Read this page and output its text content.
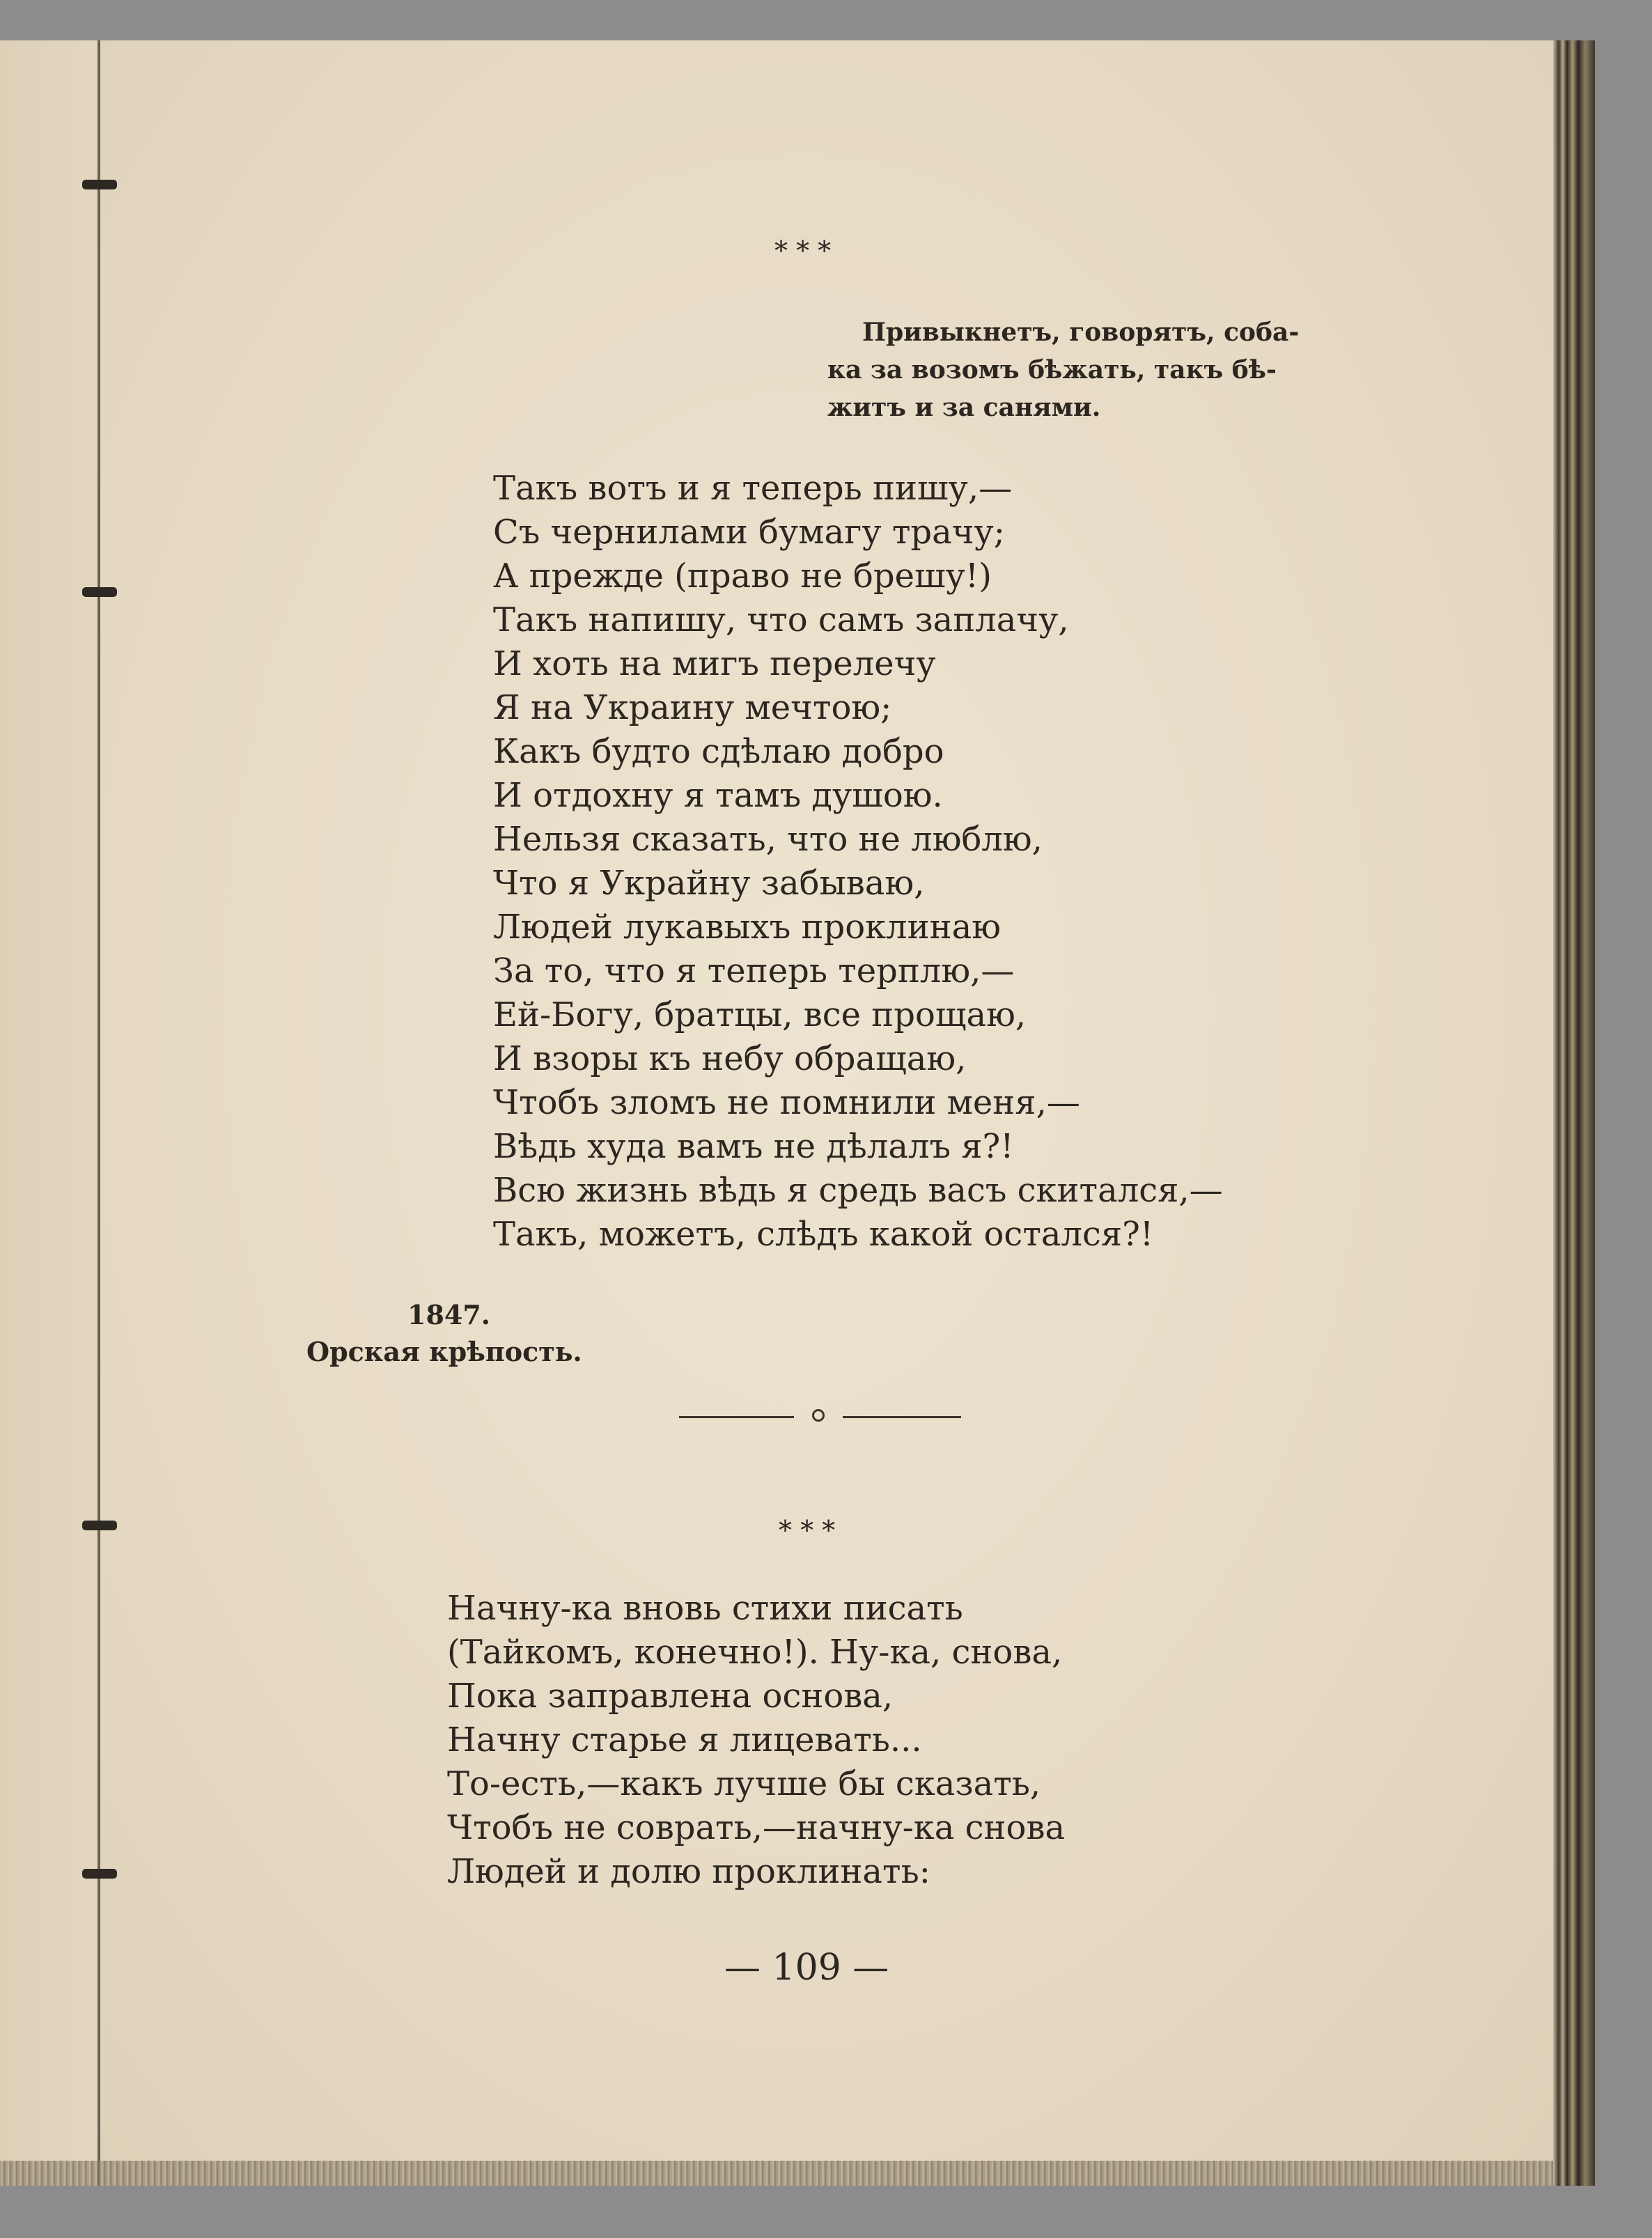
* * *
Привыкнетъ, говорятъ, соба-
ка за возомъ бѣжать, такъ бѣ-
житъ и за санями.
Такъ вотъ и я теперь пишу,—
Съ чернилами бумагу трачу;
А прежде (право не брешу!)
Такъ напишу, что самъ заплачу,
И хоть на мигъ перелечу
Я на Украину мечтою;
Какъ будто сдѣлаю добро
И отдохну я тамъ душою.
Нельзя сказать, что не люблю,
Что я Украйну забываю,
Людей лукавыхъ проклинаю
За то, что я теперь терплю,—
Ей-Богу, братцы, все прощаю,
И взоры къ небу обращаю,
Чтобъ зломъ не помнили меня,—
Вѣдь худа вамъ не дѣлалъ я?!
Всю жизнь вѣдь я средь васъ скитался,—
Такъ, можетъ, слѣдъ какой остался?!
1847.
Орская крѣпость.
* * *
Начну-ка вновь стихи писать
(Тайкомъ, конечно!). Ну-ка, снова,
Пока заправлена основа,
Начну старье я лицевать...
То-есть,—какъ лучше бы сказать,
Чтобъ не соврать,—начну-ка снова
Людей и долю проклинать:
— 109 —
